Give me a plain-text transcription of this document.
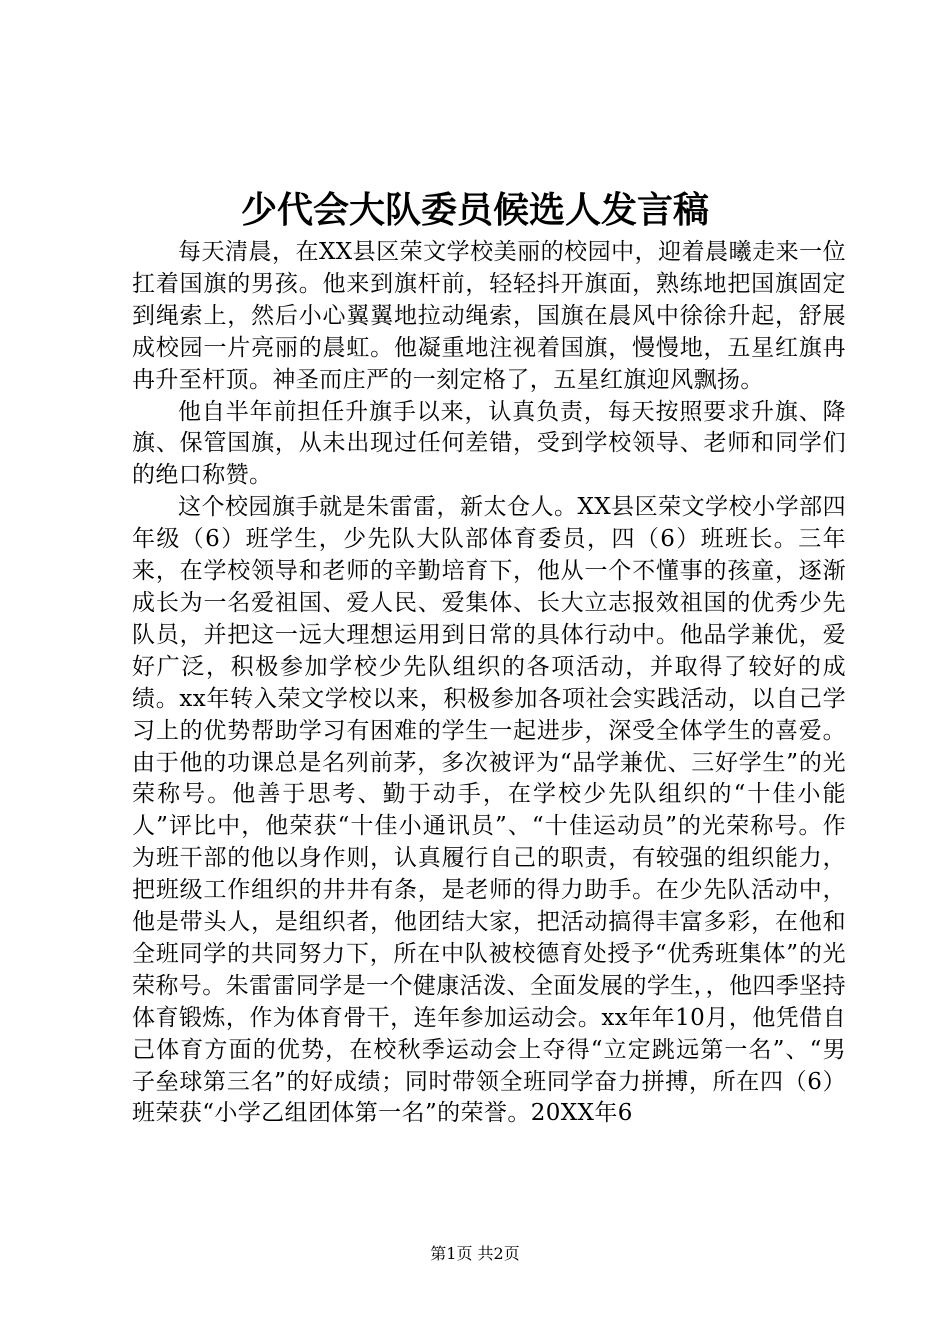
少代会大队委员候选人发言稿

每天清晨，在XX县区荣文学校美丽的校园中，迎着晨曦走来一位扛着国旗的男孩。他来到旗杆前，轻轻抖开旗面，熟练地把国旗固定到绳索上，然后小心翼翼地拉动绳索，国旗在晨风中徐徐升起，舒展成校园一片亮丽的晨虹。他凝重地注视着国旗，慢慢地，五星红旗冉冉升至杆顶。神圣而庄严的一刻定格了，五星红旗迎风飘扬。

他自半年前担任升旗手以来，认真负责，每天按照要求升旗、降旗、保管国旗，从未出现过任何差错，受到学校领导、老师和同学们的绝口称赞。

这个校园旗手就是朱雷雷，新太仓人。XX县区荣文学校小学部四年级（6）班学生，少先队大队部体育委员，四（6）班班长。三年来，在学校领导和老师的辛勤培育下，他从一个不懂事的孩童，逐渐成长为一名爱祖国、爱人民、爱集体、长大立志报效祖国的优秀少先队员，并把这一远大理想运用到日常的具体行动中。他品学兼优，爱好广泛，积极参加学校少先队组织的各项活动，并取得了较好的成绩。xx年转入荣文学校以来，积极参加各项社会实践活动，以自己学习上的优势帮助学习有困难的学生一起进步，深受全体学生的喜爱。由于他的功课总是名列前茅，多次被评为“品学兼优、三好学生”的光荣称号。他善于思考、勤于动手，在学校少先队组织的“十佳小能人”评比中，他荣获“十佳小通讯员”、“十佳运动员”的光荣称号。作为班干部的他以身作则，认真履行自己的职责，有较强的组织能力，把班级工作组织的井井有条，是老师的得力助手。在少先队活动中，他是带头人，是组织者，他团结大家，把活动搞得丰富多彩，在他和全班同学的共同努力下，所在中队被校德育处授予“优秀班集体”的光荣称号。朱雷雷同学是一个健康活泼、全面发展的学生，，他四季坚持体育锻炼，作为体育骨干，连年参加运动会。xx年年10月，他凭借自己体育方面的优势，在校秋季运动会上夺得“立定跳远第一名”、“男子垒球第三名”的好成绩；同时带领全班同学奋力拼搏，所在四（6）班荣获“小学乙组团体第一名”的荣誉。20XX年6

第1页 共2页
